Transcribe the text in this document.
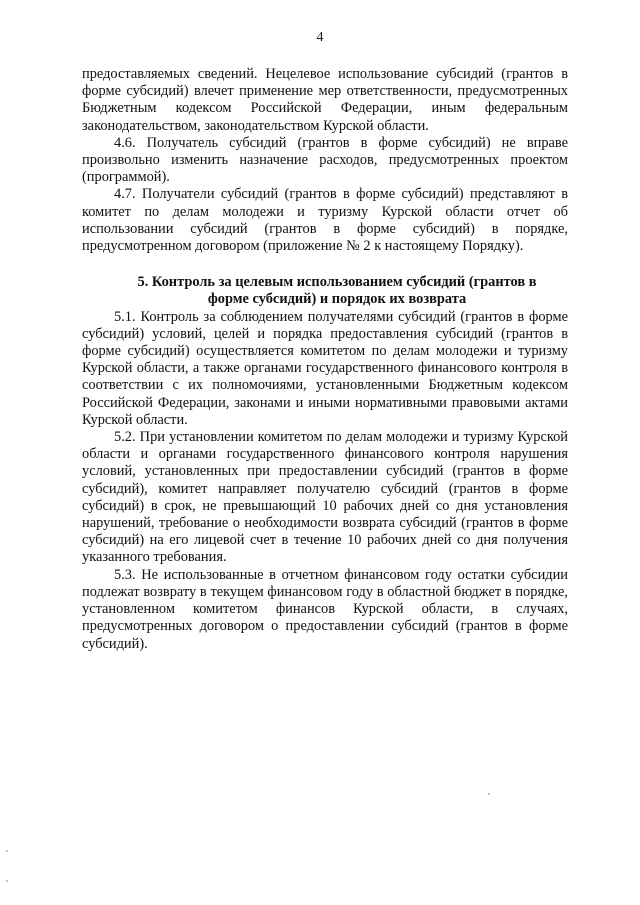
4

предоставляемых сведений. Нецелевое использование субсидий (грантов в форме субсидий) влечет применение мер ответственности, предусмотренных Бюджетным кодексом Российской Федерации, иным федеральным законодательством, законодательством Курской области.

4.6. Получатель субсидий (грантов в форме субсидий) не вправе произвольно изменить назначение расходов, предусмотренных проектом (программой).

4.7. Получатели субсидий (грантов в форме субсидий) представляют в комитет по делам молодежи и туризму Курской области отчет об использовании субсидий (грантов в форме субсидий) в порядке, предусмотренном договором (приложение № 2 к настоящему Порядку).

5. Контроль за целевым использованием субсидий (грантов в форме субсидий) и порядок их возврата

5.1. Контроль за соблюдением получателями субсидий (грантов в форме субсидий) условий, целей и порядка предоставления субсидий (грантов в форме субсидий) осуществляется комитетом по делам молодежи и туризму Курской области, а также органами государственного финансового контроля в соответствии с их полномочиями, установленными Бюджетным кодексом Российской Федерации, законами и иными нормативными правовыми актами Курской области.

5.2. При установлении комитетом по делам молодежи и туризму Курской области и органами государственного финансового контроля нарушения условий, установленных при предоставлении субсидий (грантов в форме субсидий), комитет направляет получателю субсидий (грантов в форме субсидий) в срок, не превышающий 10 рабочих дней со дня установления нарушений, требование о необходимости возврата субсидий (грантов в форме субсидий) на его лицевой счет в течение 10 рабочих дней со дня получения указанного требования.

5.3. Не использованные в отчетном финансовом году остатки субсидии подлежат возврату в текущем финансовом году в областной бюджет в порядке, установленном комитетом финансов Курской области, в случаях, предусмотренных договором о предоставлении субсидий (грантов в форме субсидий).
